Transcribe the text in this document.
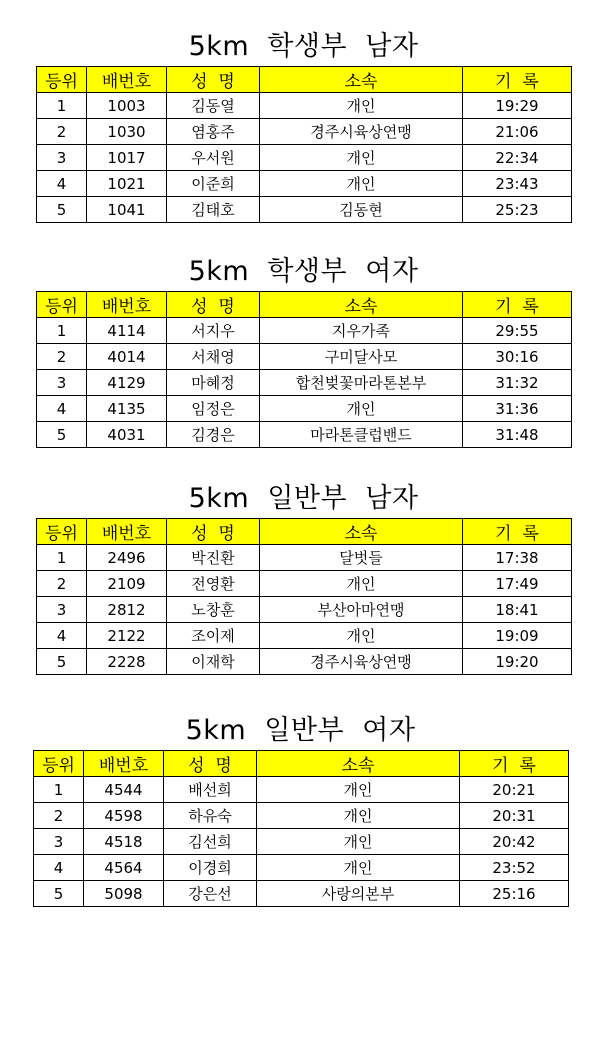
5km  학생부  남자
등위	배번호	성  명	소속	기  록
1	1003	김동열	개인	19:29
2	1030	염홍주	경주시육상연맹	21:06
3	1017	우서원	개인	22:34
4	1021	이준희	개인	23:43
5	1041	김태호	김동현	25:23
5km  학생부  여자
등위	배번호	성  명	소속	기  록
1	4114	서지우	지우가족	29:55
2	4014	서채영	구미달사모	30:16
3	4129	마혜정	합천벚꽃마라톤본부	31:32
4	4135	임정은	개인	31:36
5	4031	김경은	마라톤클럽밴드	31:48
5km  일반부  남자
등위	배번호	성  명	소속	기  록
1	2496	박진환	달벗들	17:38
2	2109	전영환	개인	17:49
3	2812	노창훈	부산아마연맹	18:41
4	2122	조이제	개인	19:09
5	2228	이재학	경주시육상연맹	19:20
5km  일반부  여자
등위	배번호	성  명	소속	기  록
1	4544	배선희	개인	20:21
2	4598	하유숙	개인	20:31
3	4518	김선희	개인	20:42
4	4564	이경희	개인	23:52
5	5098	강은선	사랑의본부	25:16
